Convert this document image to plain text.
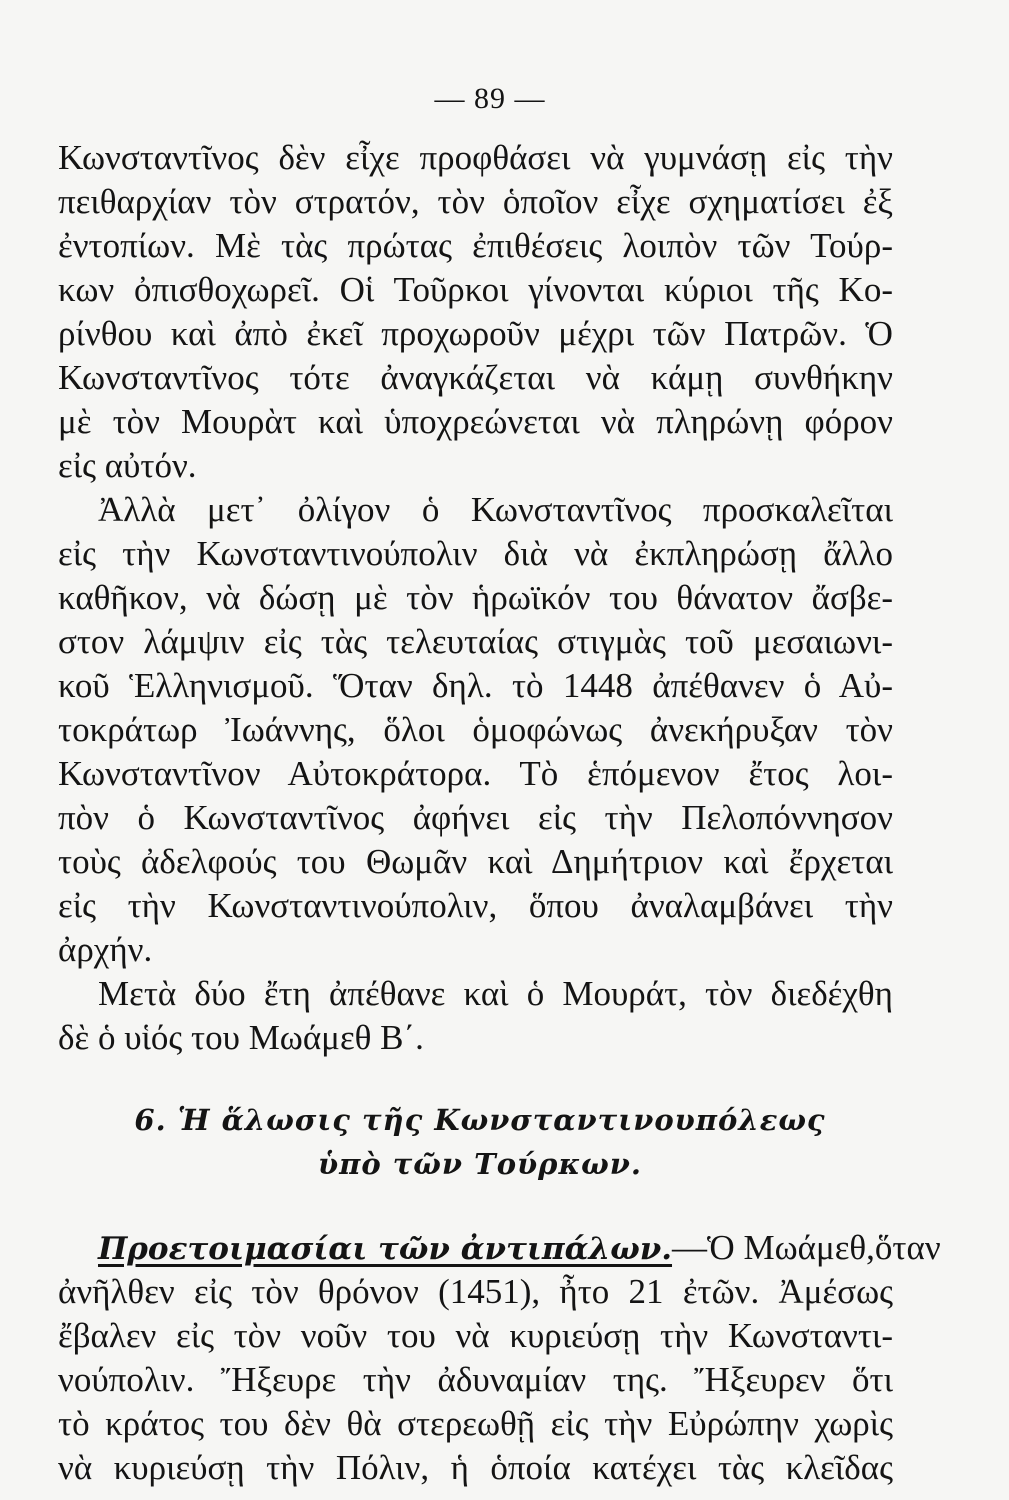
— 89 —
Κωνσταντῖνος δὲν εἶχε προφθάσει νὰ γυμνάσῃ εἰς τὴν
πειθαρχίαν τὸν στρατόν, τὸν ὁποῖον εἶχε σχηματίσει ἐξ
ἐντοπίων. Μὲ τὰς πρώτας ἐπιθέσεις λοιπὸν τῶν Τούρ-
κων ὀπισθοχωρεῖ. Οἱ Τοῦρκοι γίνονται κύριοι τῆς Κο-
ρίνθου καὶ ἀπὸ ἐκεῖ προχωροῦν μέχρι τῶν Πατρῶν. Ὁ
Κωνσταντῖνος τότε ἀναγκάζεται νὰ κάμῃ συνθήκην
μὲ τὸν Μουρὰτ καὶ ὑποχρεώνεται νὰ πληρώνῃ φόρον
εἰς αὐτόν.
Ἀλλὰ μετ᾽ ὀλίγον ὁ Κωνσταντῖνος προσκαλεῖται
εἰς τὴν Κωνσταντινούπολιν διὰ νὰ ἐκπληρώσῃ ἄλλο
καθῆκον, νὰ δώσῃ μὲ τὸν ἡρωϊκόν του θάνατον ἄσβε-
στον λάμψιν εἰς τὰς τελευταίας στιγμὰς τοῦ μεσαιωνι-
κοῦ Ἑλληνισμοῦ. Ὅταν δηλ. τὸ 1448 ἀπέθανεν ὁ Αὐ-
τοκράτωρ Ἰωάννης, ὅλοι ὁμοφώνως ἀνεκήρυξαν τὸν
Κωνσταντῖνον Αὐτοκράτορα. Τὸ ἑπόμενον ἔτος λοι-
πὸν ὁ Κωνσταντῖνος ἀφήνει εἰς τὴν Πελοπόννησον
τοὺς ἀδελφούς του Θωμᾶν καὶ Δημήτριον καὶ ἔρχεται
εἰς τὴν Κωνσταντινούπολιν, ὅπου ἀναλαμβάνει τὴν
ἀρχήν.
Μετὰ δύο ἔτη ἀπέθανε καὶ ὁ Μουράτ, τὸν διεδέχθη
δὲ ὁ υἱός του Μωάμεθ Β΄.
6. Ἡ ἅλωσις τῆς Κωνσταντινουπόλεως
ὑπὸ τῶν Τούρκων.
Προετοιμασίαι τῶν ἀντιπάλων.—Ὁ Μωάμεθ,ὅταν
ἀνῆλθεν εἰς τὸν θρόνον (1451), ἦτο 21 ἐτῶν. Ἀμέσως
ἔβαλεν εἰς τὸν νοῦν του νὰ κυριεύσῃ τὴν Κωνσταντι-
νούπολιν. Ἤξευρε τὴν ἀδυναμίαν της. Ἤξευρεν ὅτι
τὸ κράτος του δὲν θὰ στερεωθῇ εἰς τὴν Εὐρώπην χωρὶς
νὰ κυριεύσῃ τὴν Πόλιν, ἡ ὁποία κατέχει τὰς κλεῖδας
